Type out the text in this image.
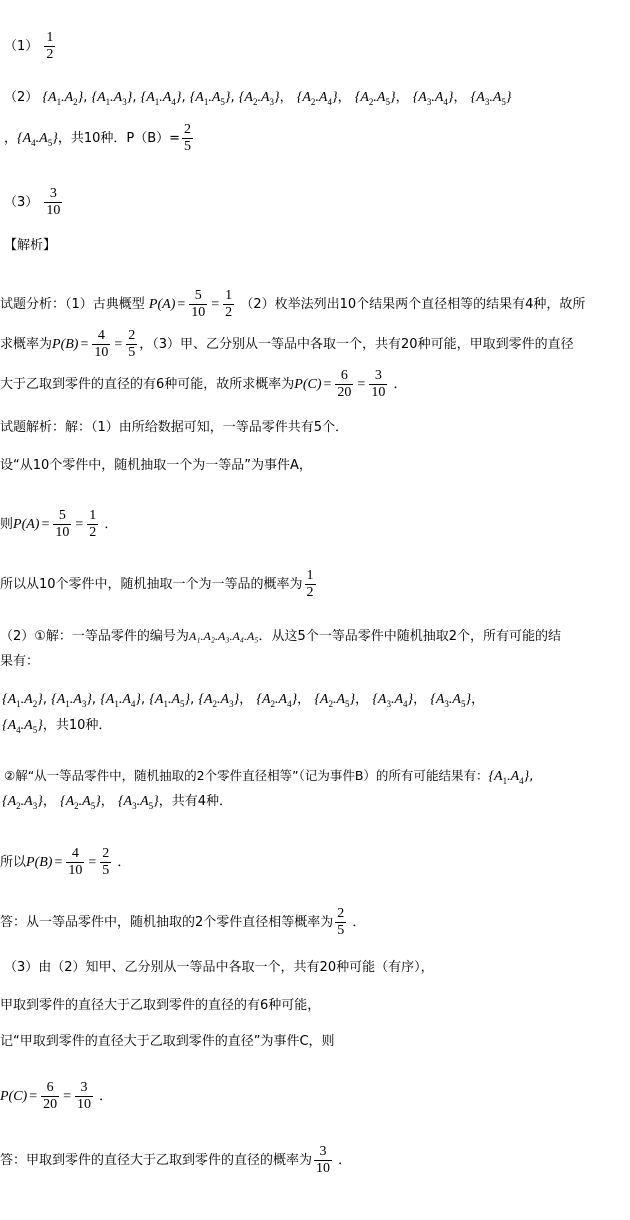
$(1) \frac{1}{2}$
（2） $\{A_1.A_2\}$, $\{A_1.A_3\}$, $\{A_1.A_4\}$, $\{A_1.A_5\}$, $\{A_2.A_3\}$， $\{A_2.A_4\}$， $\{A_2.A_5\}$， $\{A_3.A_4\}$， $\{A_3.A_5\}$
，$\{A_4.A_5\}$，共10种．$P(B)= \frac{2}{5}$
$(3) \frac{3}{10}$
【解析】
试题分析：（1）古典概型 $P(A) = \frac{5}{10} = \frac{1}{2} (2)$枚举法列出10个结果两个直径相等的结果有4种，故所
求概率为$P(B) = \frac{4}{10} = \frac{2}{5}$ ，（3）甲、乙分别从一等品中各取一个，共有20种可能，甲取到零件的直径
大于乙取到零件的直径的有6种可能，故所求概率为$P(C) = \frac{6}{20} = \frac{3}{10}$ ．
试题解析：解：（1）由所给数据可知，一等品零件共有5个．
设“从10个零件中，随机抽取一个为一等品”为事件A，
则$P(A) = \frac{5}{10} = \frac{1}{2}$ ．
所以从10个零件中，随机抽取一个为一等品的概率为 $\frac{1}{2}$
（2）①解：一等品零件的编号为A₁.A₂.A₃.A₄.A₅．从这5个一等品零件中随机抽取2个，所有可能的结
果有：
$\{A_1.A_2\}$, $\{A_1.A_3\}$, $\{A_1.A_4\}$, $\{A_1.A_5\}$, $\{A_2.A_3\}$， $\{A_2.A_4\}$， $\{A_2.A_5\}$， $\{A_3.A_4\}$， $\{A_3.A_5\}$，
$\{A_4.A_5\}$，共10种．
②解“从一等品零件中，随机抽取的2个零件直径相等”（记为事件B）的所有可能结果有：$\{A_1.A_4\}$,
$\{A_2.A_3\}$， $\{A_2.A_5\}$， $\{A_3.A_5\}$，共有4种．
所以$P(B) = \frac{4}{10} = \frac{2}{5}$ ．
答：从一等品零件中，随机抽取的2个零件直径相等概率为 $\frac{2}{5}$ ．
（3）由（2）知甲、乙分别从一等品中各取一个，共有20种可能（有序），
甲取到零件的直径大于乙取到零件的直径的有6种可能，
记“甲取到零件的直径大于乙取到零件的直径”为事件C，则
$P(C) = \frac{6}{20} = \frac{3}{10}$ ．
答：甲取到零件的直径大于乙取到零件的直径的概率为 $\frac{3}{10}$ ．
